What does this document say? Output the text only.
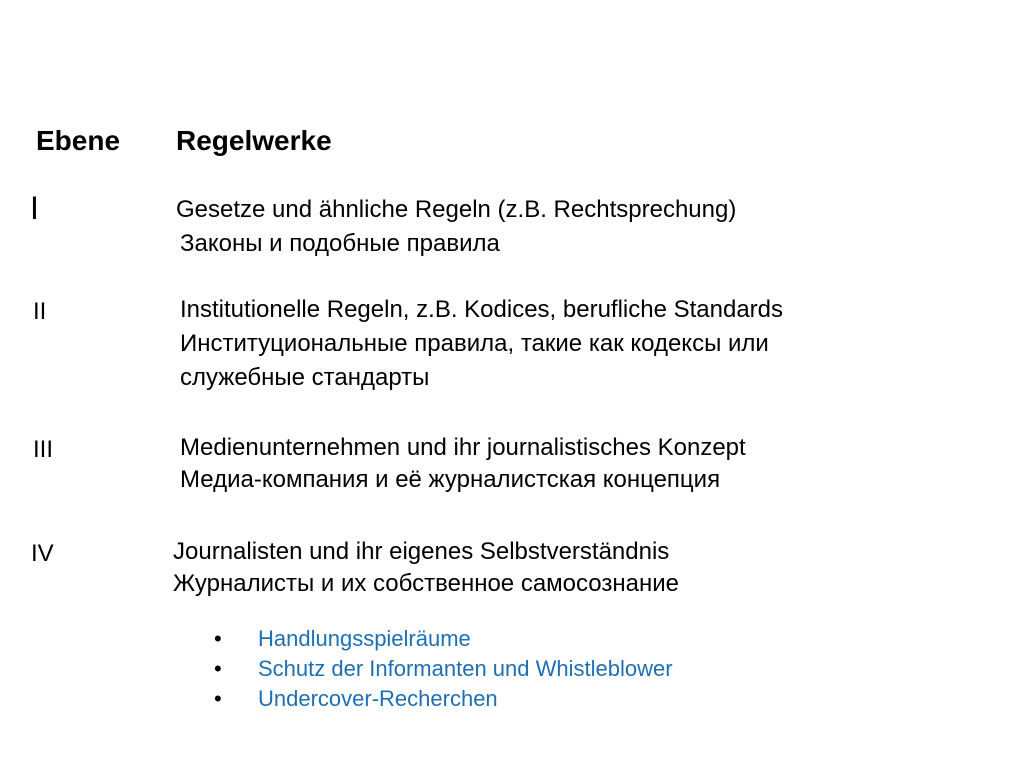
Ebene Regelwerke
I	Gesetze und ähnliche Regeln (z.B. Rechtsprechung)
Законы и подобные правила
II	Institutionelle Regeln, z.B. Kodices, berufliche Standards
Институциональные правила, такие как кодексы или
служебные стандарты
III	Medienunternehmen und ihr journalistisches Konzept
Медиа-компания и её журналистская концепция
IV	Journalisten und ihr eigenes Selbstverständnis
Журналисты и их собственное самосознание
• Handlungsspielräume
• Schutz der Informanten und Whistleblower
• Undercover-Recherchen
